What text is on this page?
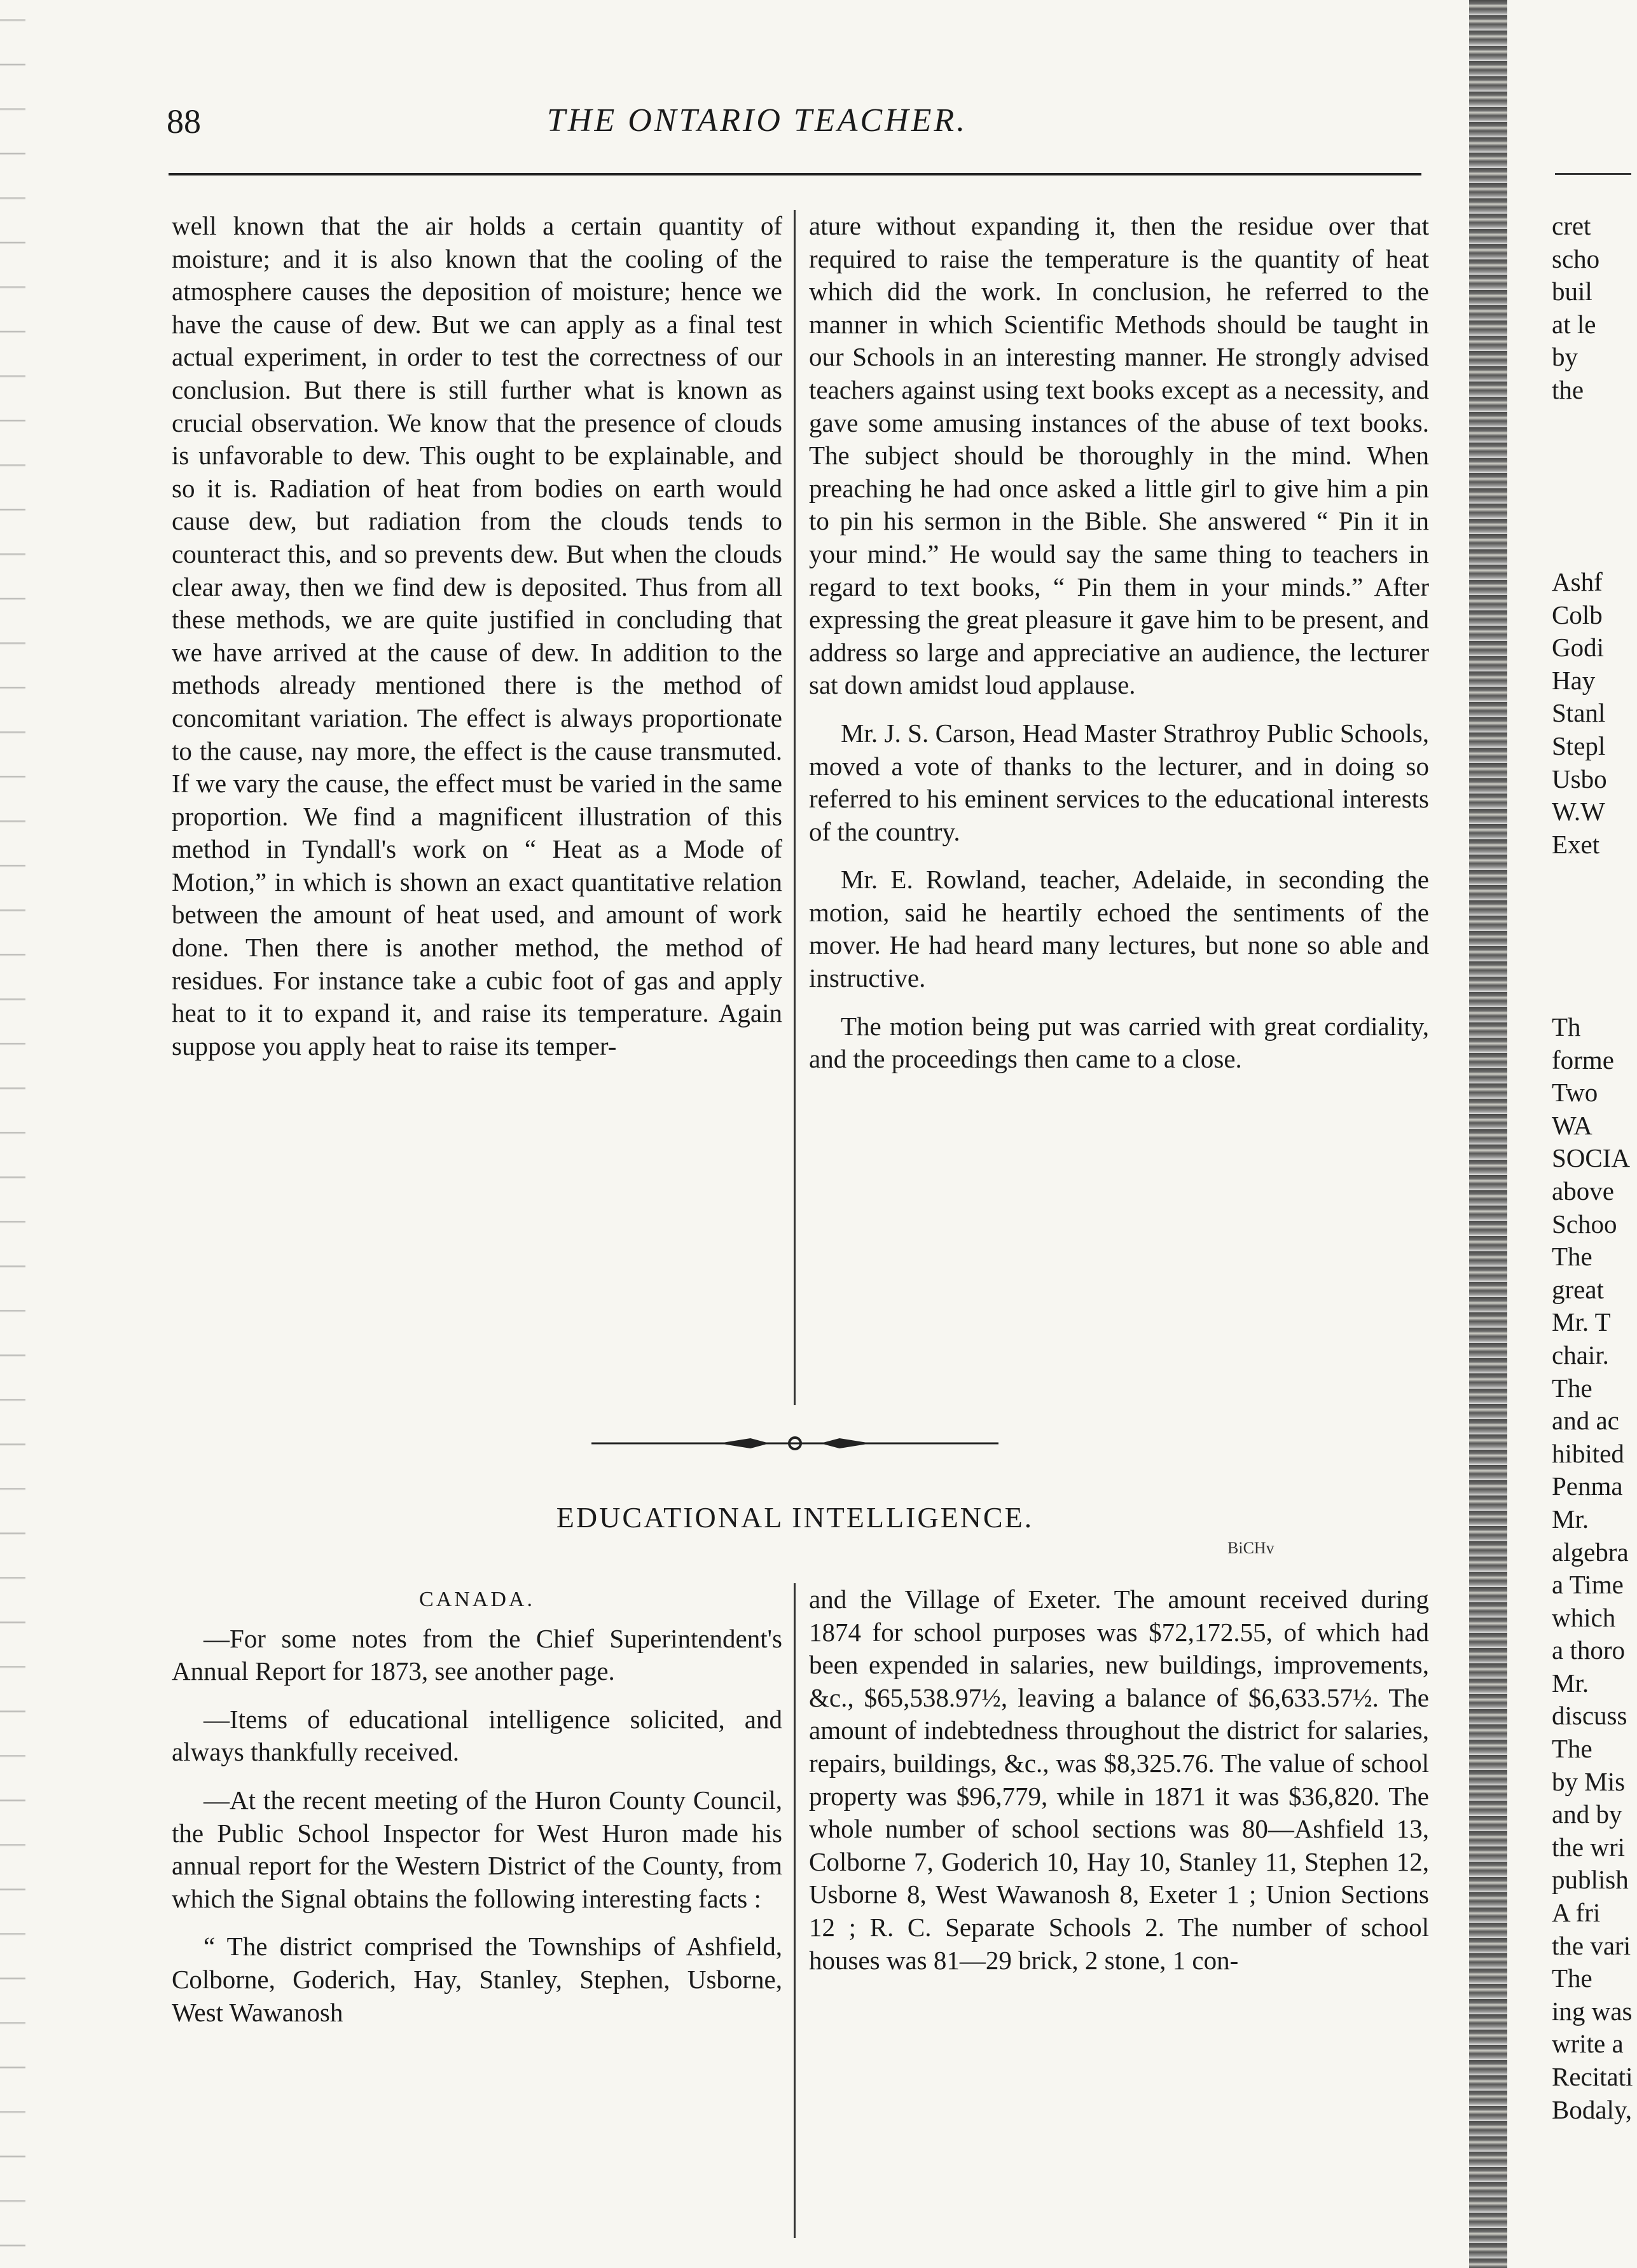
88	THE ONTARIO TEACHER.

well known that the air holds a certain quantity of moisture; and it is also known that the cooling of the atmosphere causes the deposition of moisture; hence we have the cause of dew. But we can apply as a final test actual experiment, in order to test the correctness of our conclusion. But there is still further what is known as crucial observation. We know that the presence of clouds is unfavorable to dew. This ought to be explainable, and so it is. Radiation of heat from bodies on earth would cause dew, but radiation from the clouds tends to counteract this, and so prevents dew. But when the clouds clear away, then we find dew is deposited. Thus from all these methods, we are quite justified in concluding that we have arrived at the cause of dew. In addition to the methods already mentioned there is the method of concomitant variation. The effect is always proportionate to the cause, nay more, the effect is the cause transmuted. If we vary the cause, the effect must be varied in the same proportion. We find a magnificent illustration of this method in Tyndall's work on “ Heat as a Mode of Motion,” in which is shown an exact quantitative relation between the amount of heat used, and amount of work done. Then there is another method, the method of residues. For instance take a cubic foot of gas and apply heat to it to expand it, and raise its temperature. Again suppose you apply heat to raise its temper-

ature without expanding it, then the residue over that required to raise the temperature is the quantity of heat which did the work. In conclusion, he referred to the manner in which Scientific Methods should be taught in our Schools in an interesting manner. He strongly advised teachers against using text books except as a necessity, and gave some amusing instances of the abuse of text books. The subject should be thoroughly in the mind. When preaching he had once asked a little girl to give him a pin to pin his sermon in the Bible. She answered “ Pin it in your mind.” He would say the same thing to teachers in regard to text books, “ Pin them in your minds.” After expressing the great pleasure it gave him to be present, and address so large and appreciative an audience, the lecturer sat down amidst loud applause.

Mr. J. S. Carson, Head Master Strathroy Public Schools, moved a vote of thanks to the lecturer, and in doing so referred to his eminent services to the educational interests of the country.

Mr. E. Rowland, teacher, Adelaide, in seconding the motion, said he heartily echoed the sentiments of the mover. He had heard many lectures, but none so able and instructive.

The motion being put was carried with great cordiality, and the proceedings then came to a close.

EDUCATIONAL INTELLIGENCE.
BiCHv
CANADA.

—For some notes from the Chief Superintendent's Annual Report for 1873, see another page.

—Items of educational intelligence solicited, and always thankfully received.

—At the recent meeting of the Huron County Council, the Public School Inspector for West Huron made his annual report for the Western District of the County, from which the Signal obtains the following interesting facts :

“ The district comprised the Townships of Ashfield, Colborne, Goderich, Hay, Stanley, Stephen, Usborne, West Wawanosh

and the Village of Exeter. The amount received during 1874 for school purposes was $72,172.55, of which had been expended in salaries, new buildings, improvements, &c., $65,538.97½, leaving a balance of $6,633.57½. The amount of indebtedness throughout the district for salaries, repairs, buildings, &c., was $8,325.76. The value of school property was $96,779, while in 1871 it was $36,820. The whole number of school sections was 80—Ashfield 13, Colborne 7, Goderich 10, Hay 10, Stanley 11, Stephen 12, Usborne 8, West Wawanosh 8, Exeter 1 ; Union Sections 12 ; R. C. Separate Schools 2. The number of school houses was 81—29 brick, 2 stone, 1 con-

cret
scho
buil
at le
by
the
Ashf
Colb
Godi
Hay
Stanl
Stepl
Usbo
W.W
Exet
Th
forme
Two
WA
SOCIA
above
Schoo
The
great
Mr. T
chair.
The
and ac
hibited
Penma
Mr.
algebra
a Time
which
a thoro
Mr.
discuss
The
by Mis
and by
the wri
publish
A fri
the vari
The
ing was
write a
Recitati
Bodaly,
